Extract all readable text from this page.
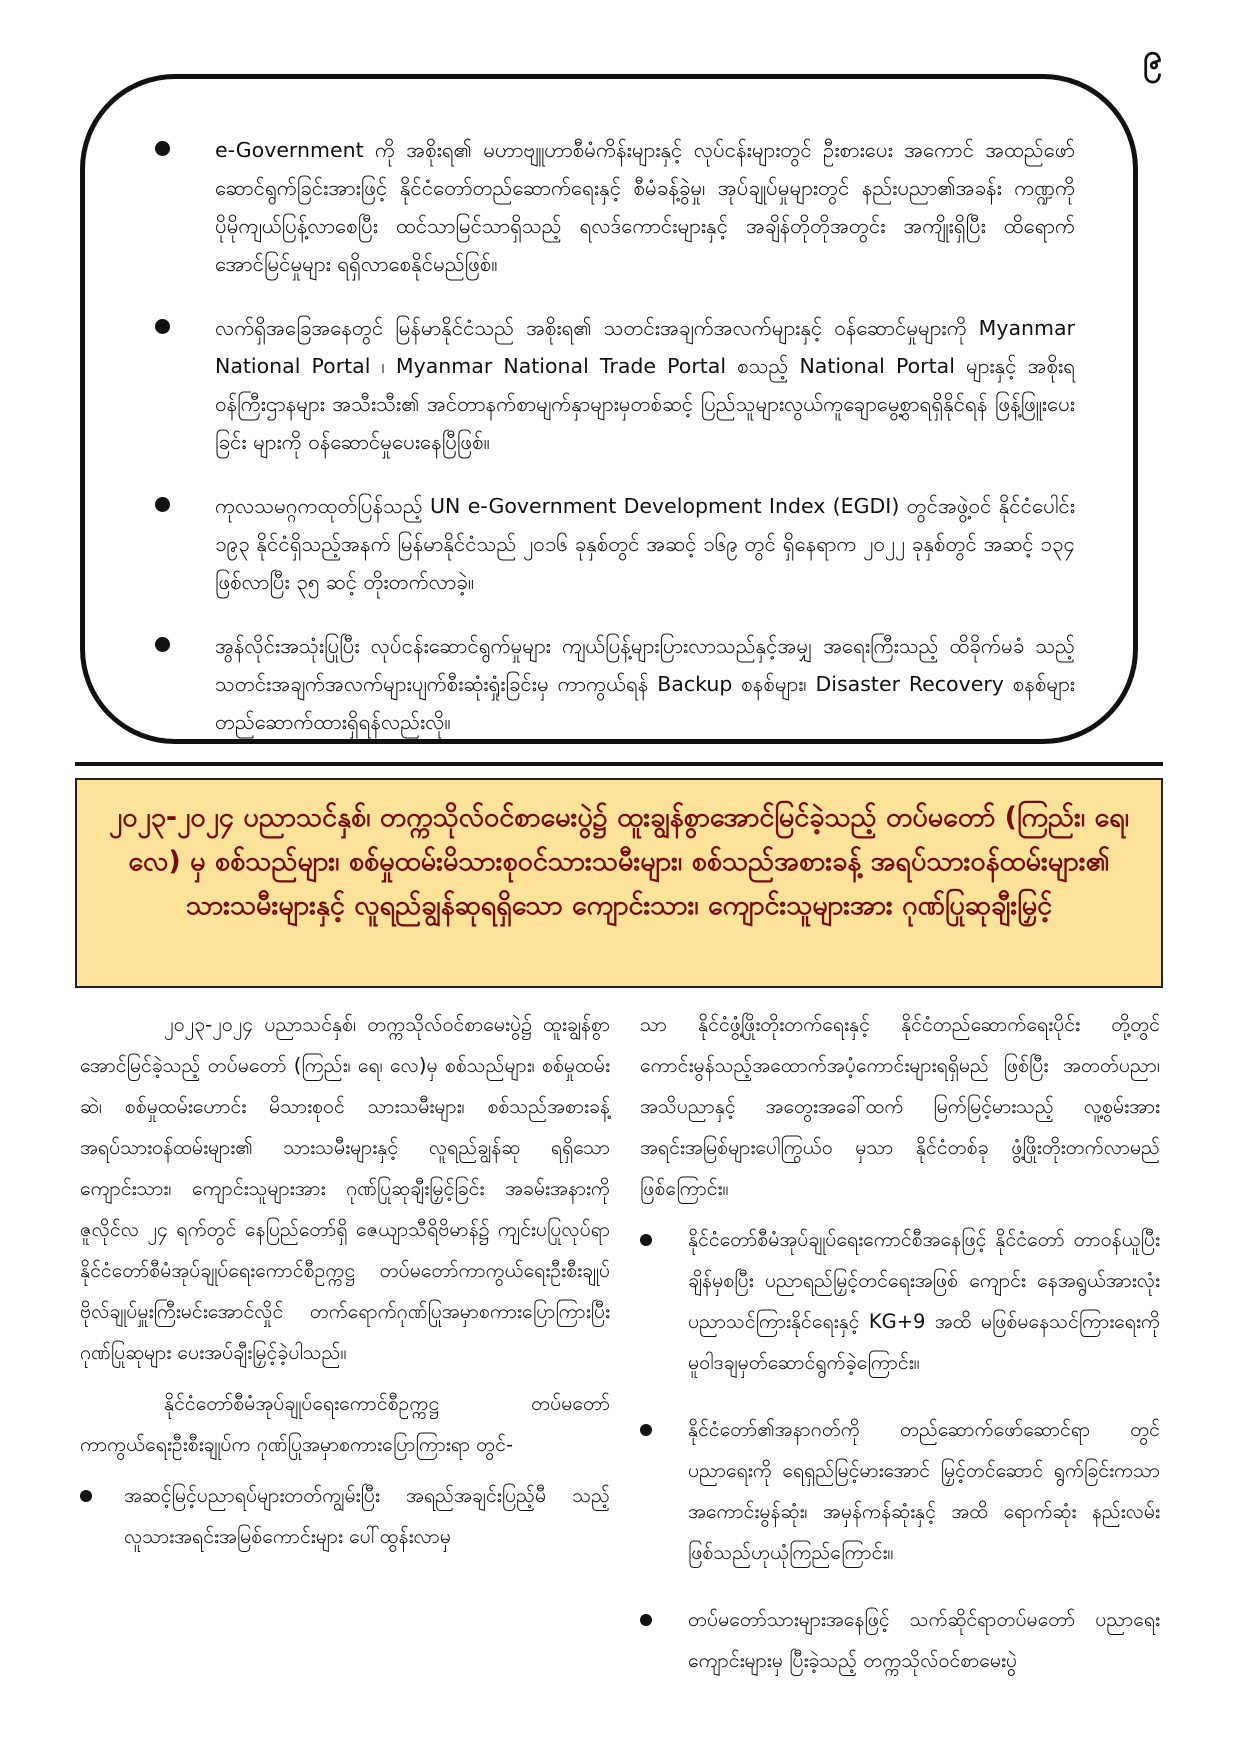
၉
e-Government ကို အစိုးရ၏ မဟာဗျူဟာစီမံကိန်းများနှင့် လုပ်ငန်းများတွင် ဦးစားပေး အကောင် အထည်ဖော် ဆောင်ရွက်ခြင်းအားဖြင့် နိုင်ငံတော်တည်ဆောက်ရေးနှင့် စီမံခန့်ခွဲမှု၊ အုပ်ချုပ်မှုများတွင် နည်းပညာ၏အခန်း ကဏ္ဍကို ပိုမိုကျယ်ပြန့်လာစေပြီး ထင်သာမြင်သာရှိသည့် ရလဒ်ကောင်းများနှင့် အချိန်တိုတိုအတွင်း အကျိုးရှိပြီး ထိရောက်အောင်မြင်မှုများ ရရှိလာစေနိုင်မည်ဖြစ်။
လက်ရှိအခြေအနေတွင် မြန်မာနိုင်ငံသည် အစိုးရ၏ သတင်းအချက်အလက်များနှင့် ဝန်ဆောင်မှုများကို Myanmar National Portal ၊ Myanmar National Trade Portal စသည့် National Portal များနှင့် အစိုးရဝန်ကြီးဌာနများ အသီးသီး၏ အင်တာနက်စာမျက်နှာများမှတစ်ဆင့် ပြည်သူများလွယ်ကူချောမွေ့စွာရရှိနိုင်ရန် ဖြန့်ဖြူးပေးခြင်း များကို ဝန်ဆောင်မှုပေးနေပြီဖြစ်။
ကုလသမဂ္ဂကထုတ်ပြန်သည့် UN e-Government Development Index (EGDI) တွင်အဖွဲ့ဝင် နိုင်ငံပေါင်း ၁၉၃ နိုင်ငံရှိသည့်အနက် မြန်မာနိုင်ငံသည် ၂၀၁၆ ခုနှစ်တွင် အဆင့် ၁၆၉ တွင် ရှိနေရာက ၂၀၂၂ ခုနှစ်တွင် အဆင့် ၁၃၄ ဖြစ်လာပြီး ၃၅ ဆင့် တိုးတက်လာခဲ့။
အွန်လိုင်းအသုံးပြုပြီး လုပ်ငန်းဆောင်ရွက်မှုများ ကျယ်ပြန့်များပြားလာသည်နှင့်အမျှ အရေးကြီးသည့် ထိခိုက်မခံ သည့် သတင်းအချက်အလက်များပျက်စီးဆုံးရှုံးခြင်းမှ ကာကွယ်ရန် Backup စနစ်များ၊ Disaster Recovery စနစ်များ တည်ဆောက်ထားရှိရန်လည်းလို။
၂၀၂၃-၂၀၂၄ ပညာသင်နှစ်၊ တက္ကသိုလ်ဝင်စာမေးပွဲ၌ ထူးချွန်စွာအောင်မြင်ခဲ့သည့် တပ်မတော် (ကြည်း၊ ရေ၊ လေ) မှ စစ်သည်များ၊ စစ်မှုထမ်းမိသားစုဝင်သားသမီးများ၊ စစ်သည်အစားခန့် အရပ်သားဝန်ထမ်းများ၏ သားသမီးများနှင့် လူရည်ချွန်ဆုရရှိသော ကျောင်းသား၊ ကျောင်းသူများအား ဂုဏ်ပြုဆုချီးမြှင့်

၂၀၂၃-၂၀၂၄ ပညာသင်နှစ်၊ တက္ကသိုလ်ဝင်စာမေးပွဲ၌ ထူးချွန်စွာအောင်မြင်ခဲ့သည့် တပ်မတော် (ကြည်း၊ ရေ၊ လေ)မှ စစ်သည်များ၊ စစ်မှုထမ်းဆဲ၊ စစ်မှုထမ်းဟောင်း မိသားစုဝင် သားသမီးများ၊ စစ်သည်အစားခန့်အရပ်သားဝန်ထမ်းများ၏ သားသမီးများနှင့် လူရည်ချွန်ဆု ရရှိသော ကျောင်းသား၊ ကျောင်းသူများအား ဂုဏ်ပြုဆုချီးမြှင့်ခြင်း အခမ်းအနားကို ဇူလိုင်လ ၂၄ ရက်တွင် နေပြည်တော်ရှိ ဇေယျာသီရိဗိမာန်၌ ကျင်းပပြုလုပ်ရာ နိုင်ငံတော်စီမံအုပ်ချုပ်ရေးကောင်စီဥက္ကဋ္ဌ တပ်မတော်ကာကွယ်ရေးဦးစီးချုပ် ဗိုလ်ချုပ်မှူးကြီးမင်းအောင်လှိုင် တက်ရောက်ဂုဏ်ပြုအမှာစကားပြောကြားပြီး ဂုဏ်ပြုဆုများ ပေးအပ်ချီးမြှင့်ခဲ့ပါသည်။

နိုင်ငံတော်စီမံအုပ်ချုပ်ရေးကောင်စီဥက္ကဋ္ဌ တပ်မတော် ကာကွယ်ရေးဦးစီးချုပ်က ဂုဏ်ပြုအမှာစကားပြောကြားရာ တွင်-

အဆင့်မြင့်ပညာရပ်များတတ်ကျွမ်းပြီး အရည်အချင်းပြည့်မီ သည့် လူသားအရင်းအမြစ်ကောင်းများ ပေါ်ထွန်းလာမှ

သာ နိုင်ငံဖွံ့ဖြိုးတိုးတက်ရေးနှင့် နိုင်ငံတည်ဆောက်ရေးပိုင်း တို့တွင် ကောင်းမွန်သည့်အထောက်အပံ့ကောင်းများရရှိမည် ဖြစ်ပြီး အတတ်ပညာ၊ အသိပညာနှင့် အတွေးအခေါ်ထက် မြက်မြင့်မားသည့် လူ့စွမ်းအားအရင်းအမြစ်များပေါကြွယ်ဝ မှသာ နိုင်ငံတစ်ခု ဖွံ့ဖြိုးတိုးတက်လာမည်ဖြစ်ကြောင်း။

နိုင်ငံတော်စီမံအုပ်ချုပ်ရေးကောင်စီအနေဖြင့် နိုင်ငံတော် တာဝန်ယူပြီးချိန်မှစပြီး ပညာရည်မြှင့်တင်ရေးအဖြစ် ကျောင်း နေအရွယ်အားလုံး ပညာသင်ကြားနိုင်ရေးနှင့် KG+9 အထိ မဖြစ်မနေသင်ကြားရေးကို မူဝါဒချမှတ်ဆောင်ရွက်ခဲ့ကြောင်း။
နိုင်ငံတော်၏အနာဂတ်ကို တည်ဆောက်ဖော်ဆောင်ရာ တွင် ပညာရေးကို ရေရှည်မြင့်မားအောင် မြှင့်တင်ဆောင် ရွက်ခြင်းကသာ အကောင်းမွန်ဆုံး၊ အမှန်ကန်ဆုံးနှင့် အထိ ရောက်ဆုံး နည်းလမ်းဖြစ်သည်ဟုယုံကြည်ကြောင်း။
တပ်မတော်သားများအနေဖြင့် သက်ဆိုင်ရာတပ်မတော် ပညာရေးကျောင်းများမှ ပြီးခဲ့သည့် တက္ကသိုလ်ဝင်စာမေးပွဲ
